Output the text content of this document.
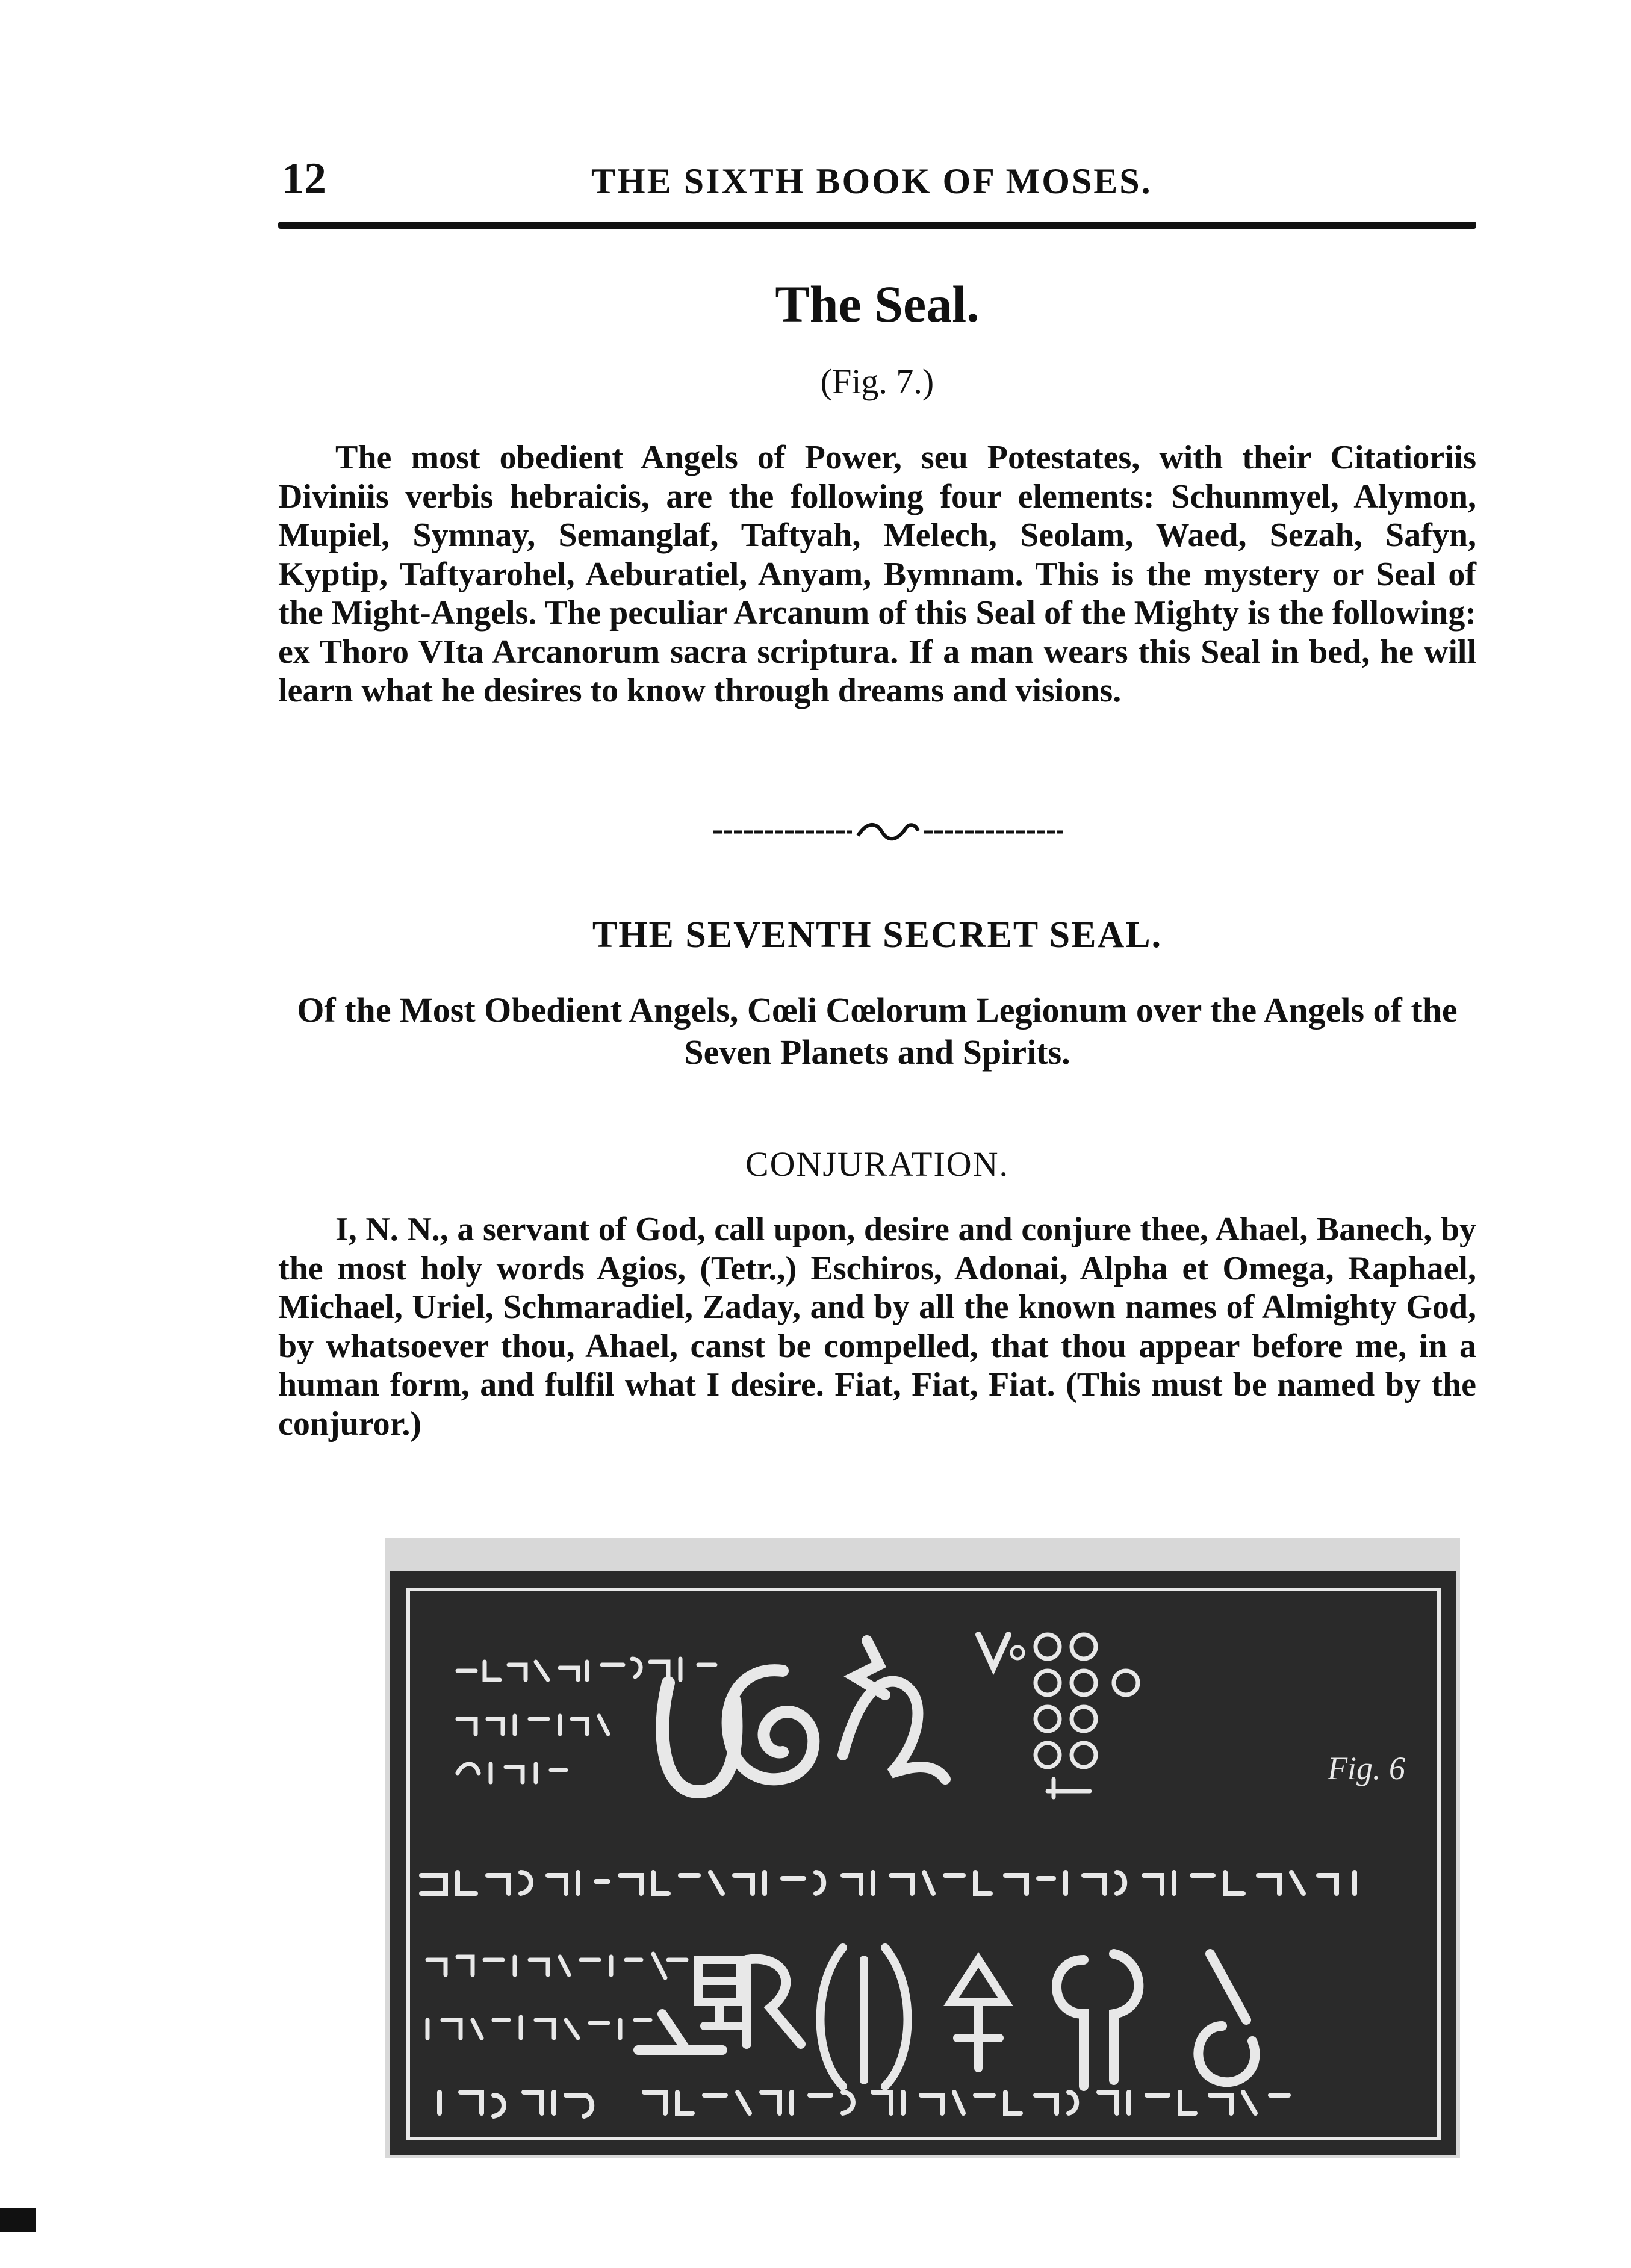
12	THE SIXTH BOOK OF MOSES.
The Seal.
(Fig. 7.)

The most obedient Angels of Power, seu Potestates, with their Citatioriis Diviniis verbis hebraicis, are the following four elements: Schunmyel, Alymon, Mupiel, Symnay, Semanglaf, Taftyah, Melech, Seolam, Waed, Sezah, Safyn, Kyptip, Taftyarohel, Aeburatiel, Anyam, Bymnam. This is the mystery or Seal of the Might-Angels. The peculiar Arcanum of this Seal of the Mighty is the following: ex Thoro VIta Arcanorum sacra scriptura. If a man wears this Seal in bed, he will learn what he desires to know through dreams and visions.

THE SEVENTH SECRET SEAL.
Of the Most Obedient Angels, Cœli Cœlorum Legionum over the Angels of the Seven Planets and Spirits.
CONJURATION.

I, N. N., a servant of God, call upon, desire and conjure thee, Ahael, Banech, by the most holy words Agios, (Tetr.,) Eschiros, Adonai, Alpha et Omega, Raphael, Michael, Uriel, Schmaradiel, Zaday, and by all the known names of Almighty God, by whatsoever thou, Ahael, canst be compelled, that thou appear before me, in a human form, and fulfil what I desire. Fiat, Fiat, Fiat. (This must be named by the conjuror.)

Fig. 6
